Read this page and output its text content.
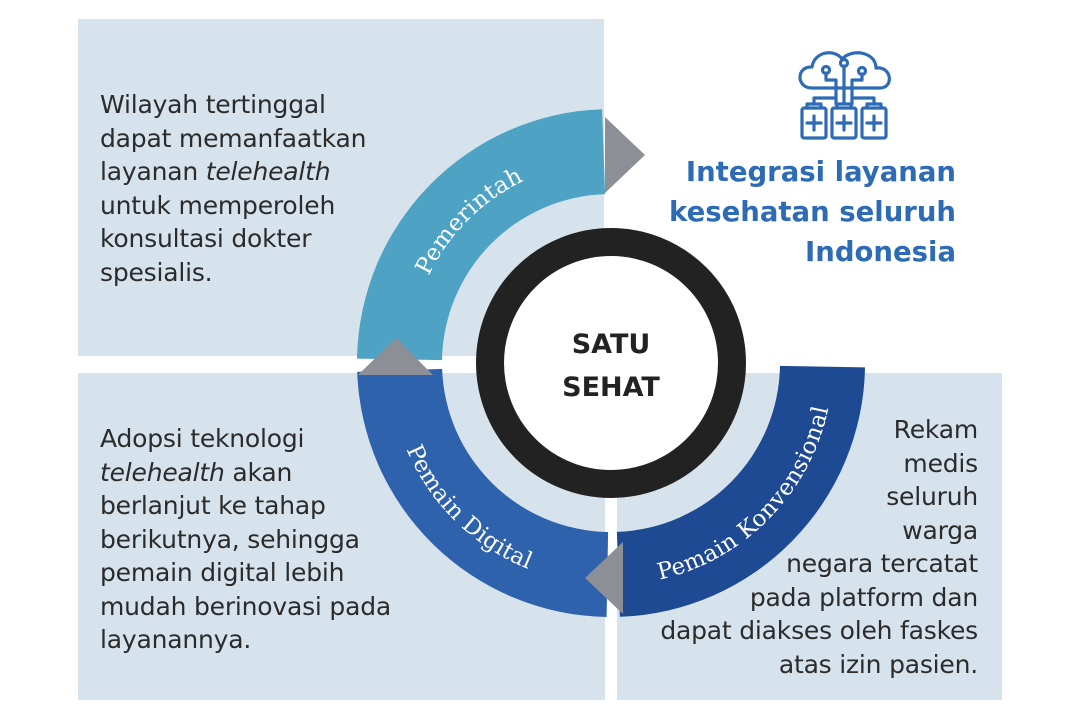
Wilayah tertinggal
dapat memanfaatkan
layanan telehealth
untuk memperoleh
konsultasi dokter
spesialis.
Adopsi teknologi
telehealth akan
berlanjut ke tahap
berikutnya, sehingga
pemain digital lebih
mudah berinovasi pada
layanannya.
Rekam
medis
seluruh
warga
negara tercatat
pada platform dan
dapat diakses oleh faskes
atas izin pasien.
Integrasi layanan
kesehatan seluruh
Indonesia
Pemerintah
Pemain Digital	Pemain Konvensional
SATU
SEHAT
